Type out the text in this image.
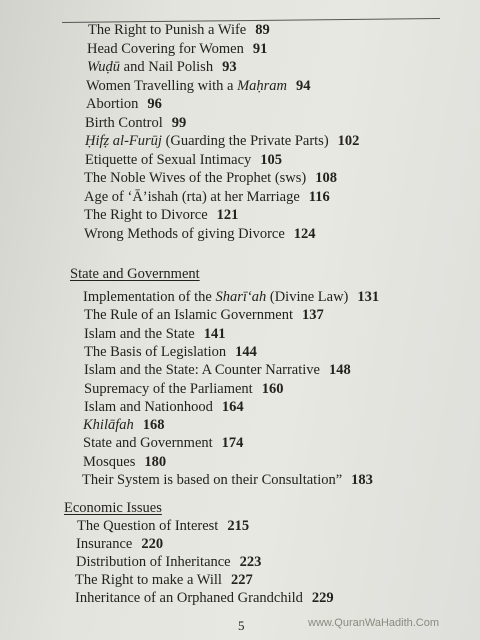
The Right to Punish a Wife 89
Head Covering for Women 91
Wuḍū and Nail Polish 93
Women Travelling with a Maḥram 94
Abortion 96
Birth Control 99
Ḥifẓ al-Furūj (Guarding the Private Parts) 102
Etiquette of Sexual Intimacy 105
The Noble Wives of the Prophet (sws) 108
Age of ‘Ā’ishah (rta) at her Marriage 116
The Right to Divorce 121
Wrong Methods of giving Divorce 124
State and Government
Implementation of the Sharī‘ah (Divine Law) 131
The Rule of an Islamic Government 137
Islam and the State 141
The Basis of Legislation 144
Islam and the State: A Counter Narrative 148
Supremacy of the Parliament 160
Islam and Nationhood 164
Khilāfah 168
State and Government 174
Mosques 180
Their System is based on their Consultation” 183
Economic Issues
The Question of Interest 215
Insurance 220
Distribution of Inheritance 223
The Right to make a Will 227
Inheritance of an Orphaned Grandchild 229
5	www.QuranWaHadith.Com
